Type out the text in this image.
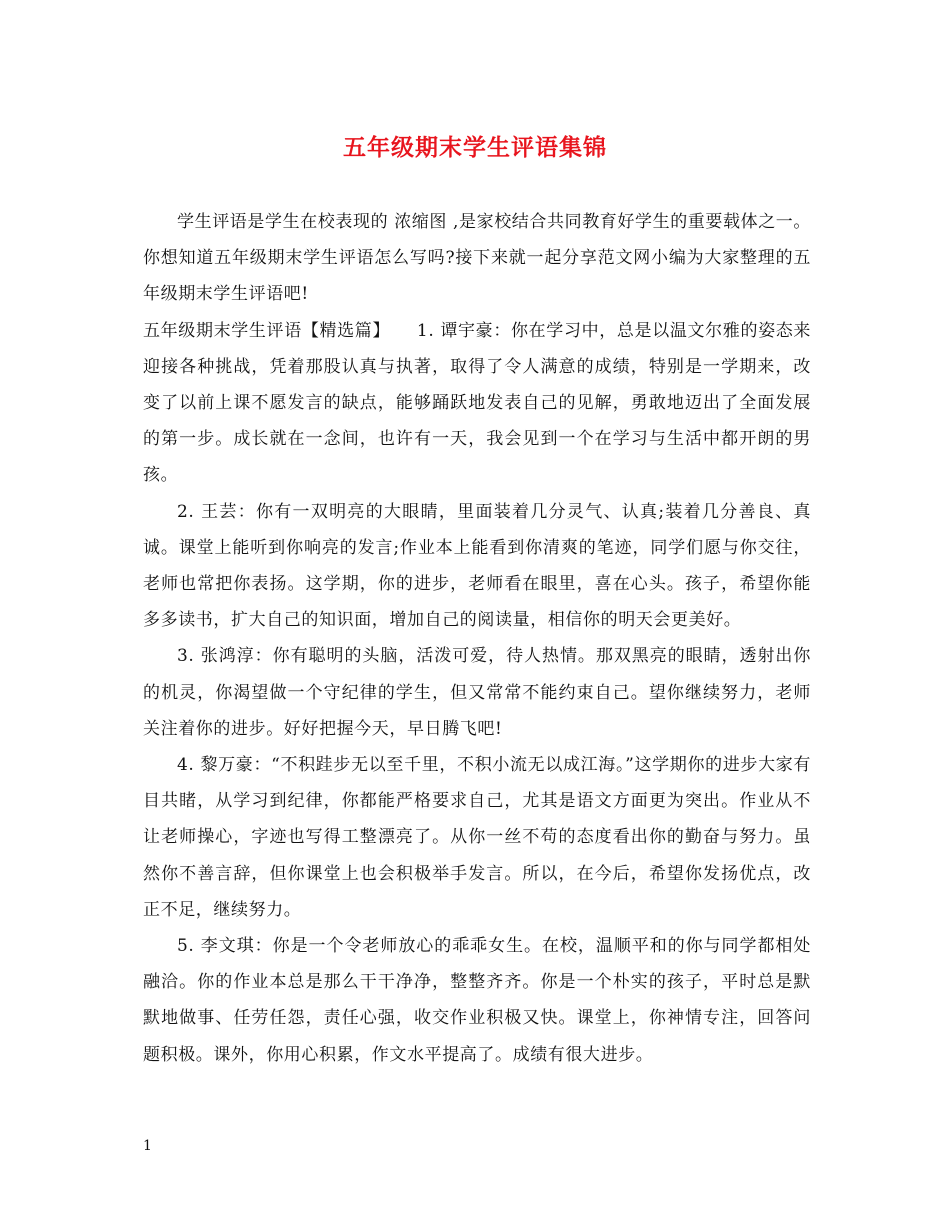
五年级期末学生评语集锦

学生评语是学生在校表现的 浓缩图 ,是家校结合共同教育好学生的重要载体之一。你想知道五年级期末学生评语怎么写吗?接下来就一起分享范文网小编为大家整理的五年级期末学生评语吧!

五年级期末学生评语【精选篇】　　1. 谭宇豪：你在学习中，总是以温文尔雅的姿态来迎接各种挑战，凭着那股认真与执著，取得了令人满意的成绩，特别是一学期来，改变了以前上课不愿发言的缺点，能够踊跃地发表自己的见解，勇敢地迈出了全面发展的第一步。成长就在一念间，也许有一天，我会见到一个在学习与生活中都开朗的男孩。

2. 王芸：你有一双明亮的大眼睛，里面装着几分灵气、认真;装着几分善良、真诚。课堂上能听到你响亮的发言;作业本上能看到你清爽的笔迹，同学们愿与你交往，老师也常把你表扬。这学期，你的进步，老师看在眼里，喜在心头。孩子，希望你能多多读书，扩大自己的知识面，增加自己的阅读量，相信你的明天会更美好。

3. 张鸿淳：你有聪明的头脑，活泼可爱，待人热情。那双黑亮的眼睛，透射出你的机灵，你渴望做一个守纪律的学生，但又常常不能约束自己。望你继续努力，老师关注着你的进步。好好把握今天，早日腾飞吧!

4. 黎万豪：“不积跬步无以至千里，不积小流无以成江海。”这学期你的进步大家有目共睹，从学习到纪律，你都能严格要求自己，尤其是语文方面更为突出。作业从不让老师操心，字迹也写得工整漂亮了。从你一丝不苟的态度看出你的勤奋与努力。虽然你不善言辞，但你课堂上也会积极举手发言。所以，在今后，希望你发扬优点，改正不足，继续努力。

5. 李文琪：你是一个令老师放心的乖乖女生。在校，温顺平和的你与同学都相处融洽。你的作业本总是那么干干净净，整整齐齐。你是一个朴实的孩子，平时总是默默地做事、任劳任怨，责任心强，收交作业积极又快。课堂上，你神情专注，回答问题积极。课外，你用心积累，作文水平提高了。成绩有很大进步。

1
